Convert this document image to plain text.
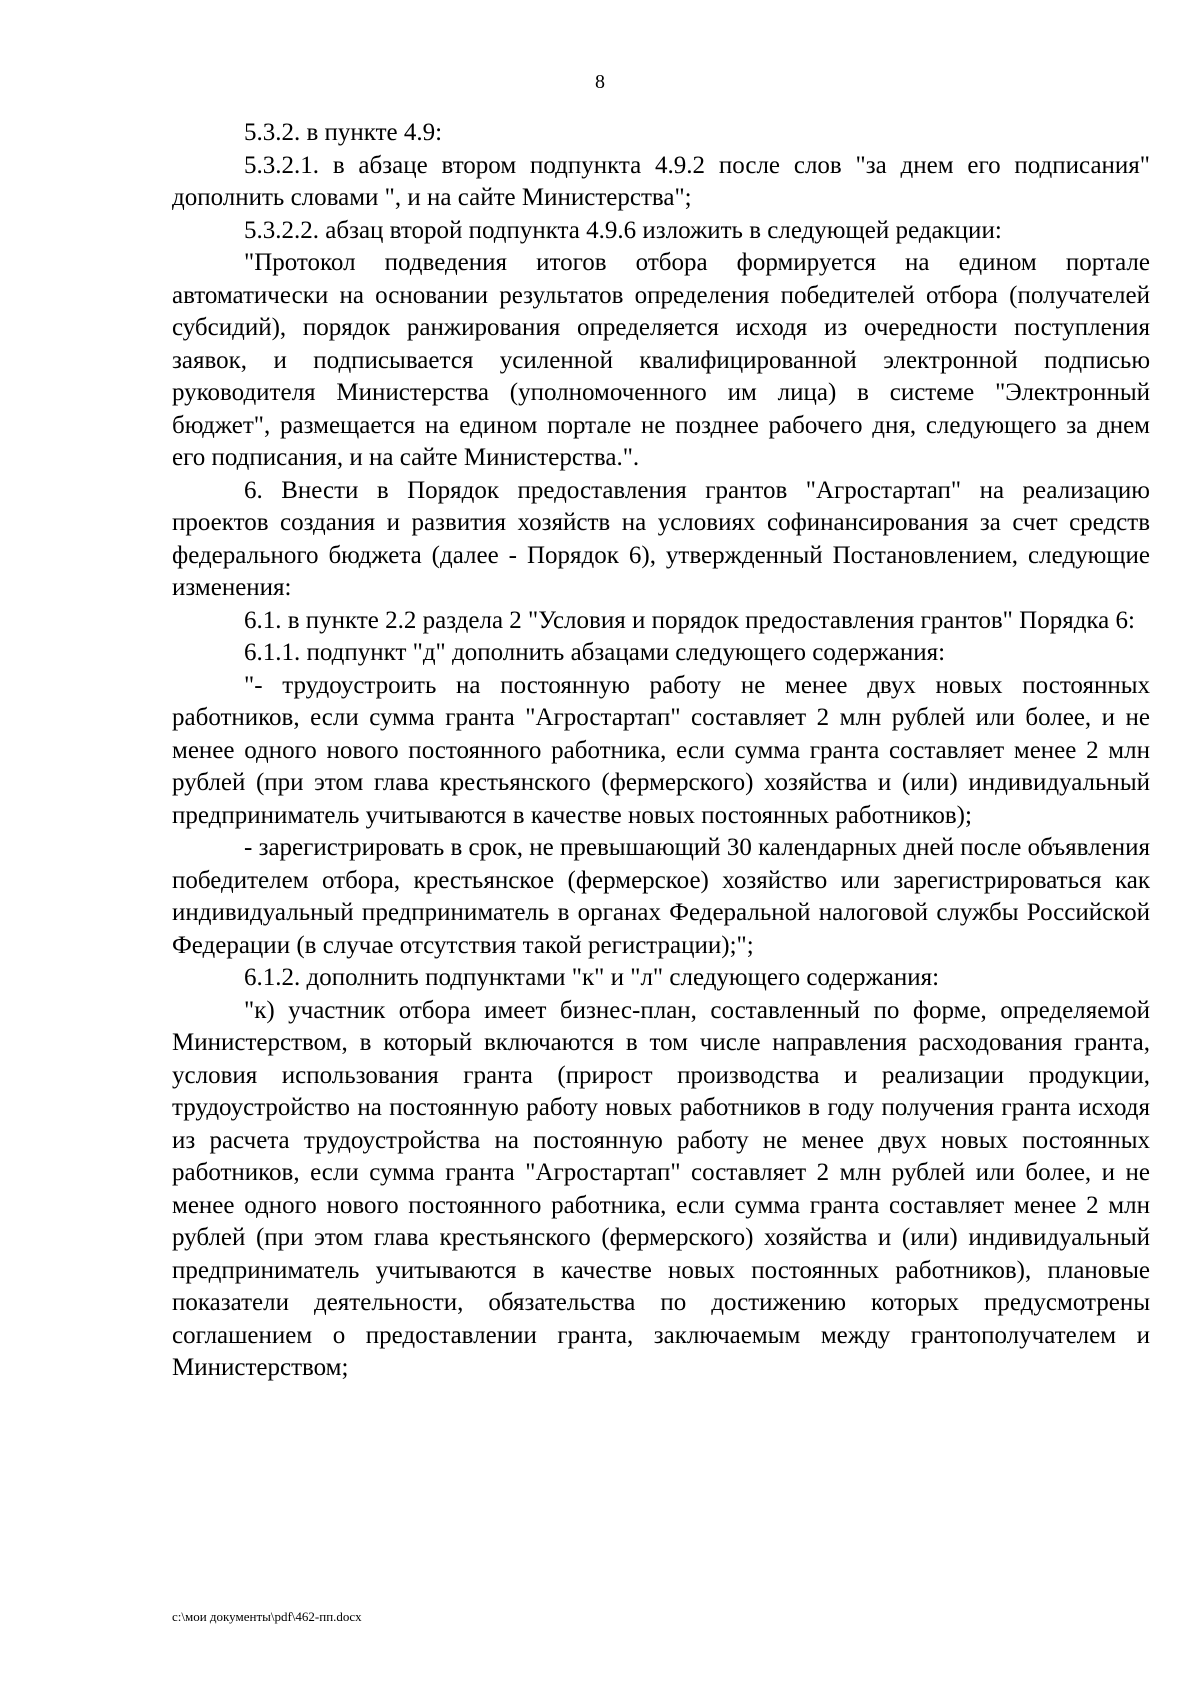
8

5.3.2. в пункте 4.9:

5.3.2.1. в абзаце втором подпункта 4.9.2 после слов "за днем его подписания" дополнить словами ", и на сайте Министерства";

5.3.2.2. абзац второй подпункта 4.9.6 изложить в следующей редакции:

"Протокол подведения итогов отбора формируется на едином портале автоматически на основании результатов определения победителей отбора (получателей субсидий), порядок ранжирования определяется исходя из очередности поступления заявок, и подписывается усиленной квалифицированной электронной подписью руководителя Министерства (уполномоченного им лица) в системе "Электронный бюджет", размещается на едином портале не позднее рабочего дня, следующего за днем его подписания, и на сайте Министерства.".

6. Внести в Порядок предоставления грантов "Агростартап" на реализацию проектов создания и развития хозяйств на условиях софинансирования за счет средств федерального бюджета (далее - Порядок 6), утвержденный Постановлением, следующие изменения:

6.1. в пункте 2.2 раздела 2 "Условия и порядок предоставления грантов" Порядка 6:

6.1.1. подпункт "д" дополнить абзацами следующего содержания:

"- трудоустроить на постоянную работу не менее двух новых постоянных работников, если сумма гранта "Агростартап" составляет 2 млн рублей или более, и не менее одного нового постоянного работника, если сумма гранта составляет менее 2 млн рублей (при этом глава крестьянского (фермерского) хозяйства и (или) индивидуальный предприниматель учитываются в качестве новых постоянных работников);

- зарегистрировать в срок, не превышающий 30 календарных дней после объявления победителем отбора, крестьянское (фермерское) хозяйство или зарегистрироваться как индивидуальный предприниматель в органах Федеральной налоговой службы Российской Федерации (в случае отсутствия такой регистрации);";

6.1.2. дополнить подпунктами "к" и "л" следующего содержания:

"к) участник отбора имеет бизнес-план, составленный по форме, определяемой Министерством, в который включаются в том числе направления расходования гранта, условия использования гранта (прирост производства и реализации продукции, трудоустройство на постоянную работу новых работников в году получения гранта исходя из расчета трудоустройства на постоянную работу не менее двух новых постоянных работников, если сумма гранта "Агростартап" составляет 2 млн рублей или более, и не менее одного нового постоянного работника, если сумма гранта составляет менее 2 млн рублей (при этом глава крестьянского (фермерского) хозяйства и (или) индивидуальный предприниматель учитываются в качестве новых постоянных работников), плановые показатели деятельности, обязательства по достижению которых предусмотрены соглашением о предоставлении гранта, заключаемым между грантополучателем и Министерством;

c:\мои документы\pdf\462-пп.docx
